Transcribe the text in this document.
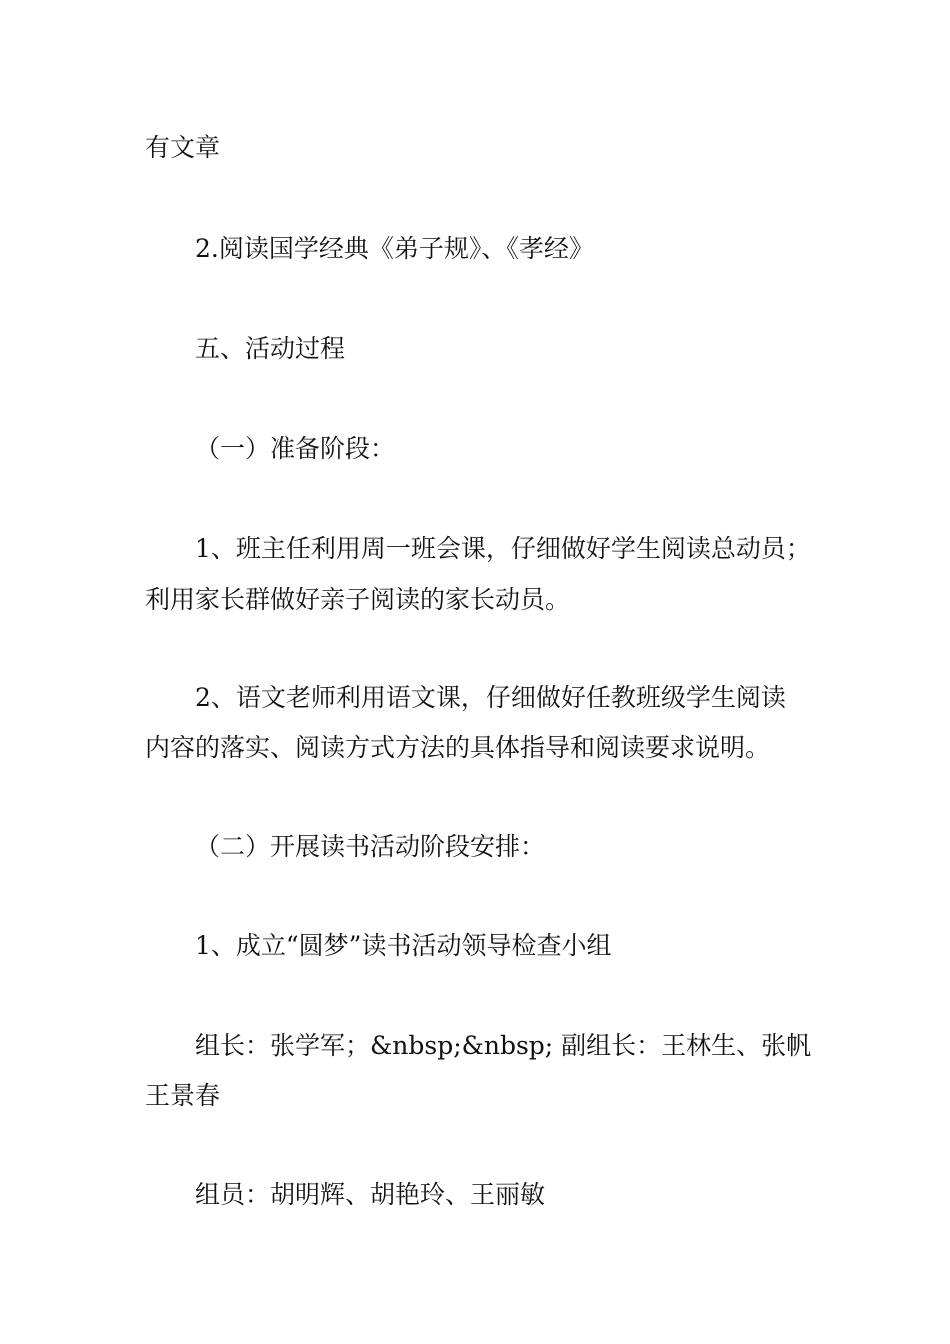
有文章

2.阅读国学经典《弟子规》、《孝经》

五、活动过程

（一）准备阶段：

1、班主任利用周一班会课，仔细做好学生阅读总动员；

利用家长群做好亲子阅读的家长动员。

2、语文老师利用语文课，仔细做好任教班级学生阅读

内容的落实、阅读方式方法的具体指导和阅读要求说明。

（二）开展读书活动阶段安排：

1、成立“圆梦”读书活动领导检查小组

组长：张学军；&nbsp;&nbsp; 副组长：王林生、张帆

王景春

组员：胡明辉、胡艳玲、王丽敏
